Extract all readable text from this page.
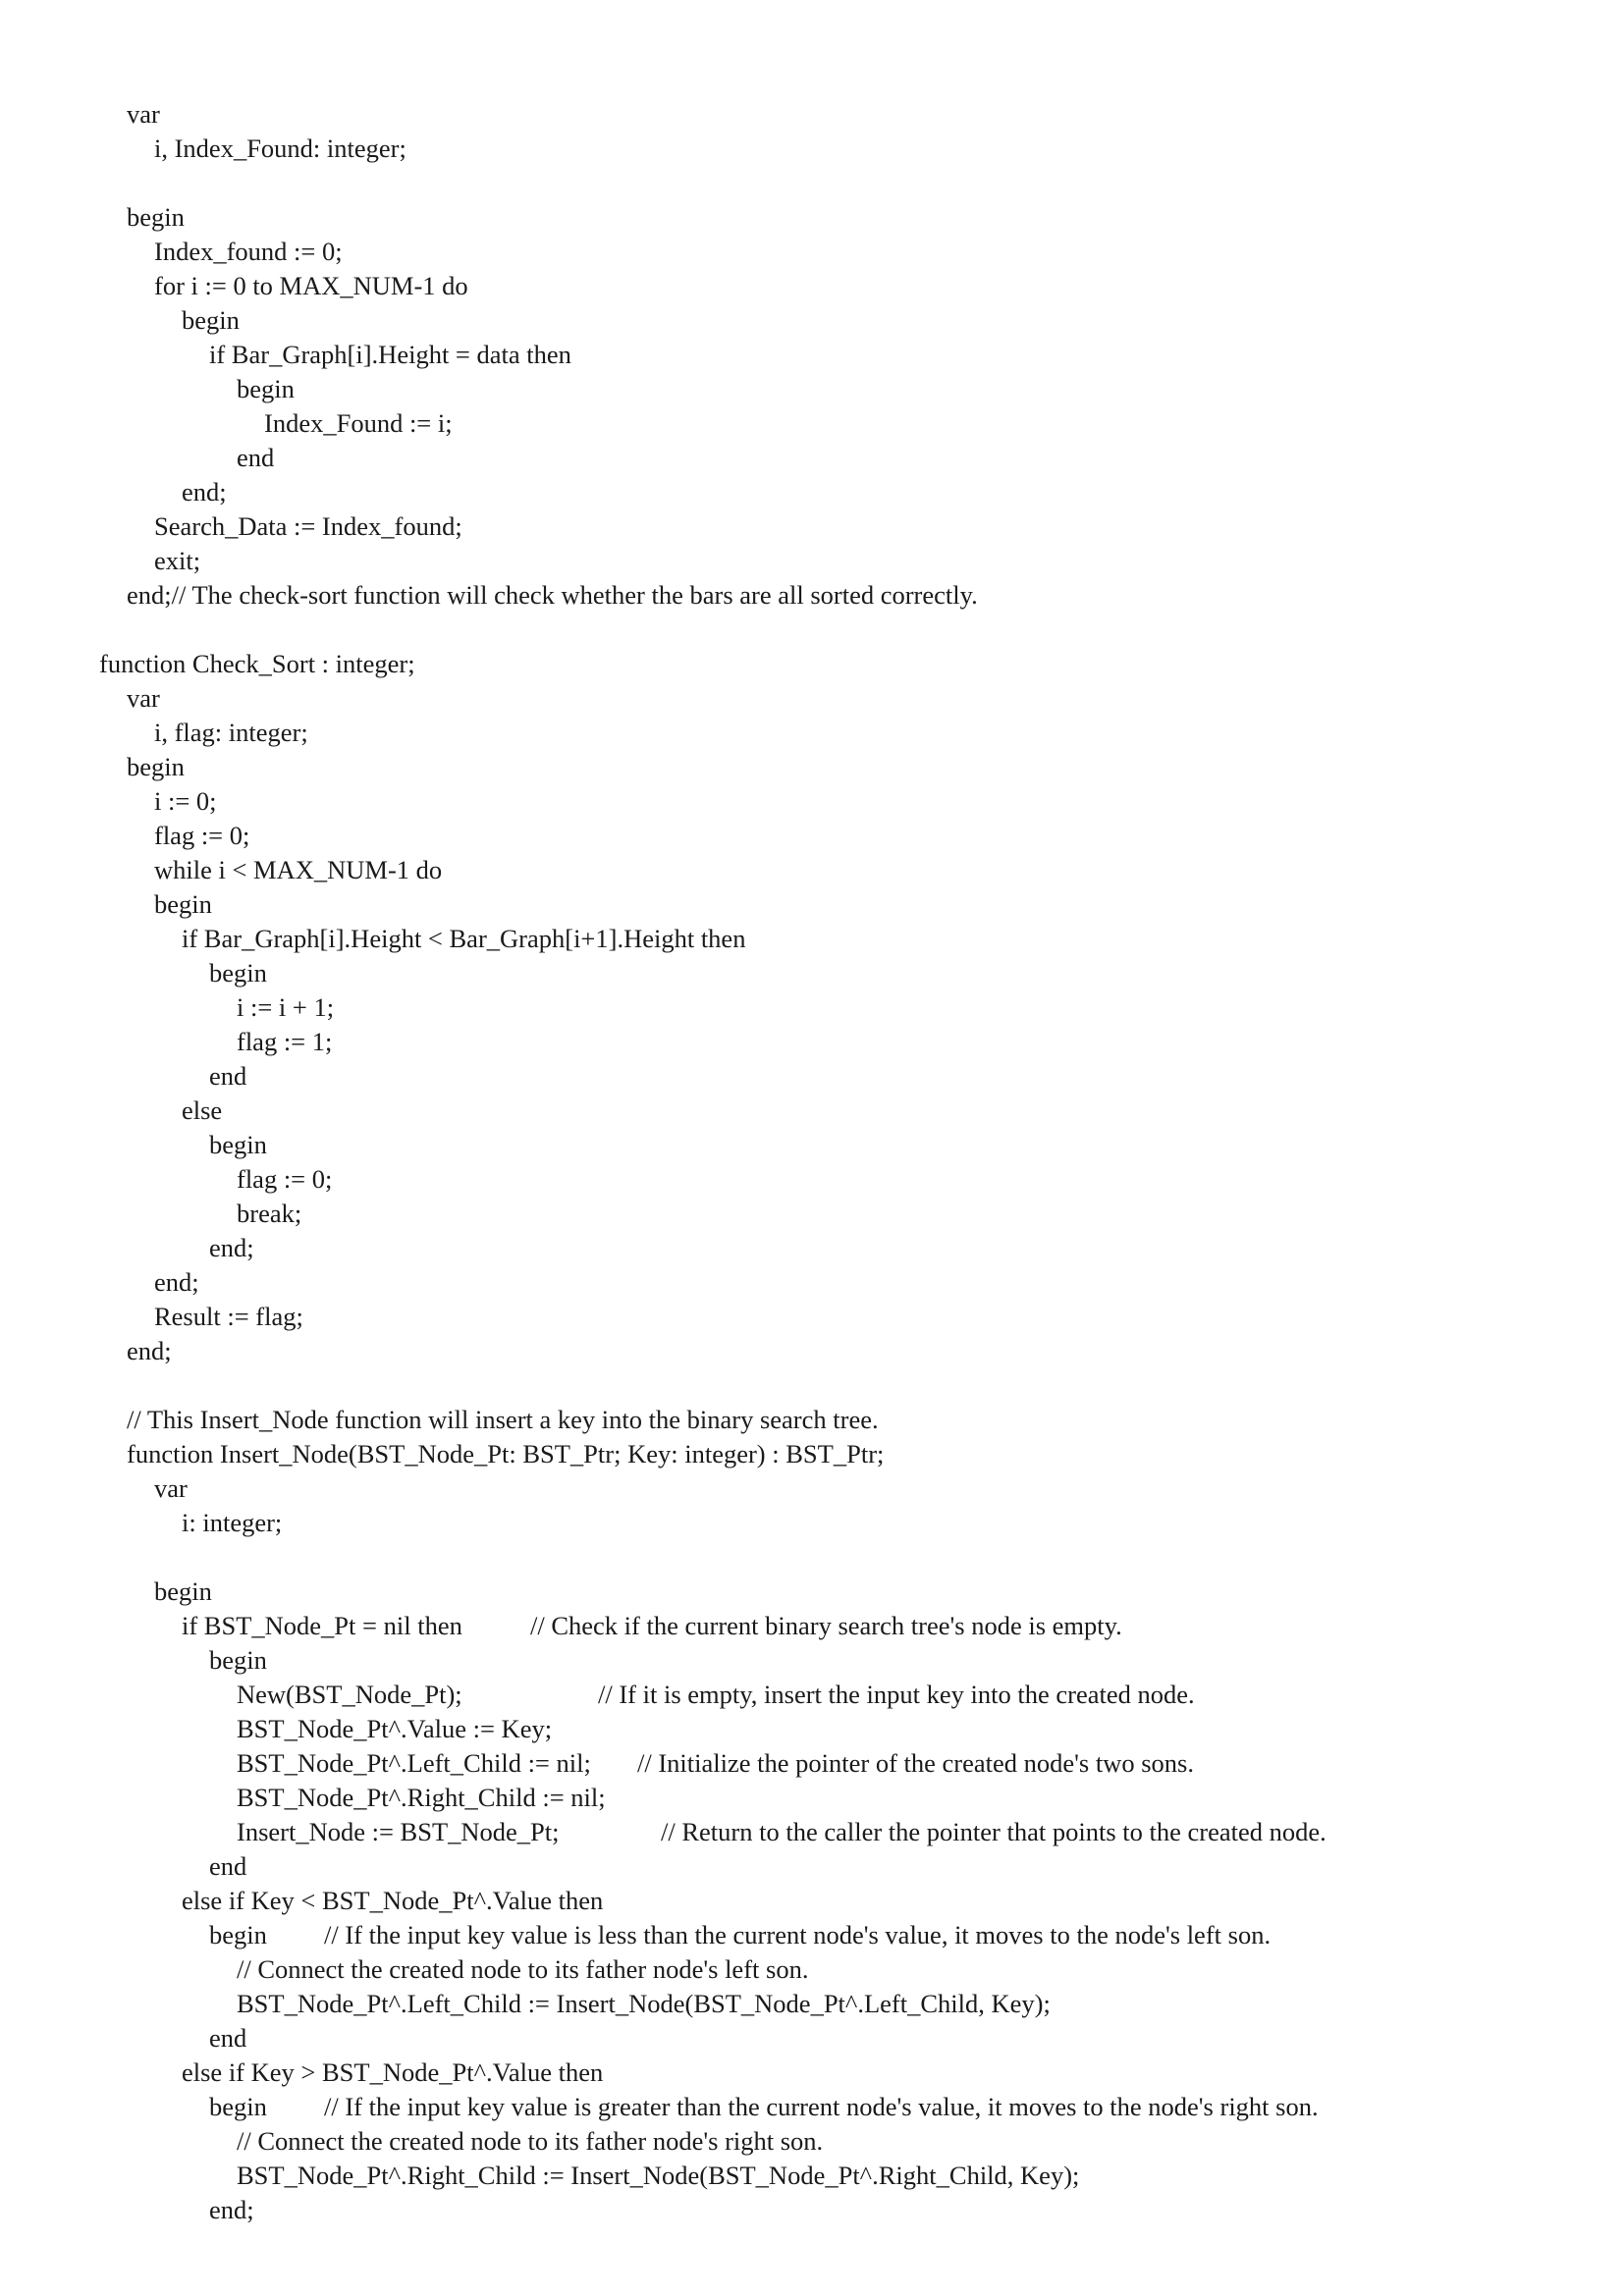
var
i, Index_Found: integer;
begin
Index_found := 0;
for i := 0 to MAX_NUM-1 do
begin
if Bar_Graph[i].Height = data then
begin
Index_Found := i;
end
end;
Search_Data := Index_found;
exit;
end;// The check-sort function will check whether the bars are all sorted correctly.
function Check_Sort : integer;
var
i, flag: integer;
begin
i := 0;
flag := 0;
while i < MAX_NUM-1 do
begin
if Bar_Graph[i].Height < Bar_Graph[i+1].Height then
begin
i := i + 1;
flag := 1;
end
else
begin
flag := 0;
break;
end;
end;
Result := flag;
end;
// This Insert_Node function will insert a key into the binary search tree.
function Insert_Node(BST_Node_Pt: BST_Ptr; Key: integer) : BST_Ptr;
var
i: integer;
begin

if BST_Node_Pt = nil then

	// Check if the current binary search tree's node is empty.

begin

New(BST_Node_Pt);

	// If it is empty, insert the input key into the created node.

BST_Node_Pt^.Value := Key;

BST_Node_Pt^.Left_Child := nil;

// Initialize the pointer of the created node's two sons.

BST_Node_Pt^.Right_Child := nil;

Insert_Node := BST_Node_Pt;

	// Return to the caller the pointer that points to the created node.

end
else if Key < BST_Node_Pt^.Value then

begin

// If the input key value is less than the current node's value, it moves to the node's left son.

// Connect the created node to its father node's left son.
BST_Node_Pt^.Left_Child := Insert_Node(BST_Node_Pt^.Left_Child, Key);
end
else if Key > BST_Node_Pt^.Value then

begin

// If the input key value is greater than the current node's value, it moves to the node's right son.

// Connect the created node to its father node's right son.
BST_Node_Pt^.Right_Child := Insert_Node(BST_Node_Pt^.Right_Child, Key);
end;
